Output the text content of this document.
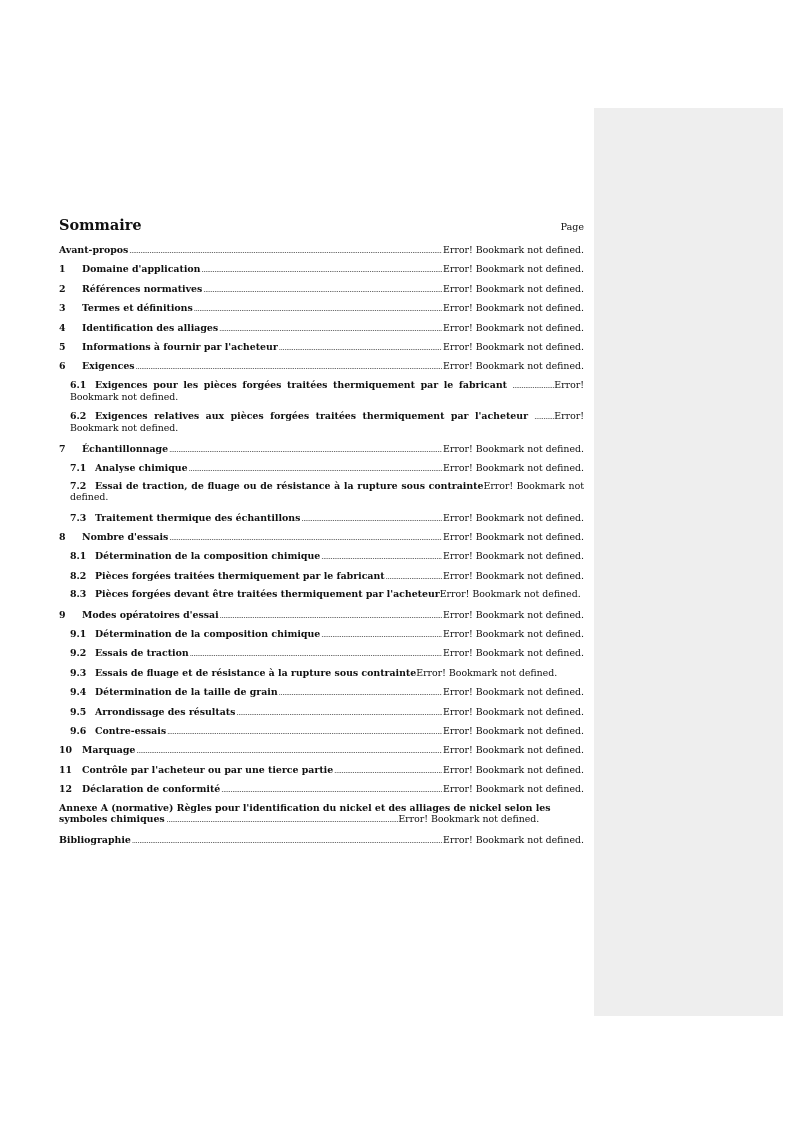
Sommaire	Page
Avant-propos .....	Error! Bookmark not defined.
1	Domaine d'application .....	Error! Bookmark not defined.
2	Références normatives .....	Error! Bookmark not defined.
3	Termes et définitions .....	Error! Bookmark not defined.
4	Identification des alliages .....	Error! Bookmark not defined.
5	Informations à fournir par l'acheteur .....	Error! Bookmark not defined.
6	Exigences .....	Error! Bookmark not defined.
6.1 Exigences pour les pièces forgées traitées thermiquement par le fabricant .......................Error! Bookmark not defined.
6.2 Exigences relatives aux pièces forgées traitées thermiquement par l'acheteur ...........Error! Bookmark not defined.
7	Échantillonnage .....	Error! Bookmark not defined.
7.1 Analyse chimique .....	Error! Bookmark not defined.
7.2 Essai de traction, de fluage ou de résistance à la rupture sous contrainteError! Bookmark not defined.
7.3 Traitement thermique des échantillons .....	Error! Bookmark not defined.
8	Nombre d'essais .....	Error! Bookmark not defined.
8.1 Détermination de la composition chimique .....	Error! Bookmark not defined.
8.2 Pièces forgées traitées thermiquement par le fabricant .....	Error! Bookmark not defined.
8.3 Pièces forgées devant être traitées thermiquement par l'acheteurError! Bookmark not defined.
9	Modes opératoires d'essai .....	Error! Bookmark not defined.
9.1 Détermination de la composition chimique .....	Error! Bookmark not defined.
9.2 Essais de traction .....	Error! Bookmark not defined.
9.3 Essais de fluage et de résistance à la rupture sous contrainte Error! Bookmark not defined.
9.4 Détermination de la taille de grain .....	Error! Bookmark not defined.
9.5 Arrondissage des résultats .....	Error! Bookmark not defined.
9.6 Contre-essais .....	Error! Bookmark not defined.
10	Marquage .....	Error! Bookmark not defined.
11	Contrôle par l'acheteur ou par une tierce partie .....	Error! Bookmark not defined.
12	Déclaration de conformité .....	Error! Bookmark not defined.
Annexe A (normative) Règles pour l'identification du nickel et des alliages de nickel selon les symboles chimiques ...............................................................................................................................Error! Bookmark not defined.
Bibliographie .....	Error! Bookmark not defined.
